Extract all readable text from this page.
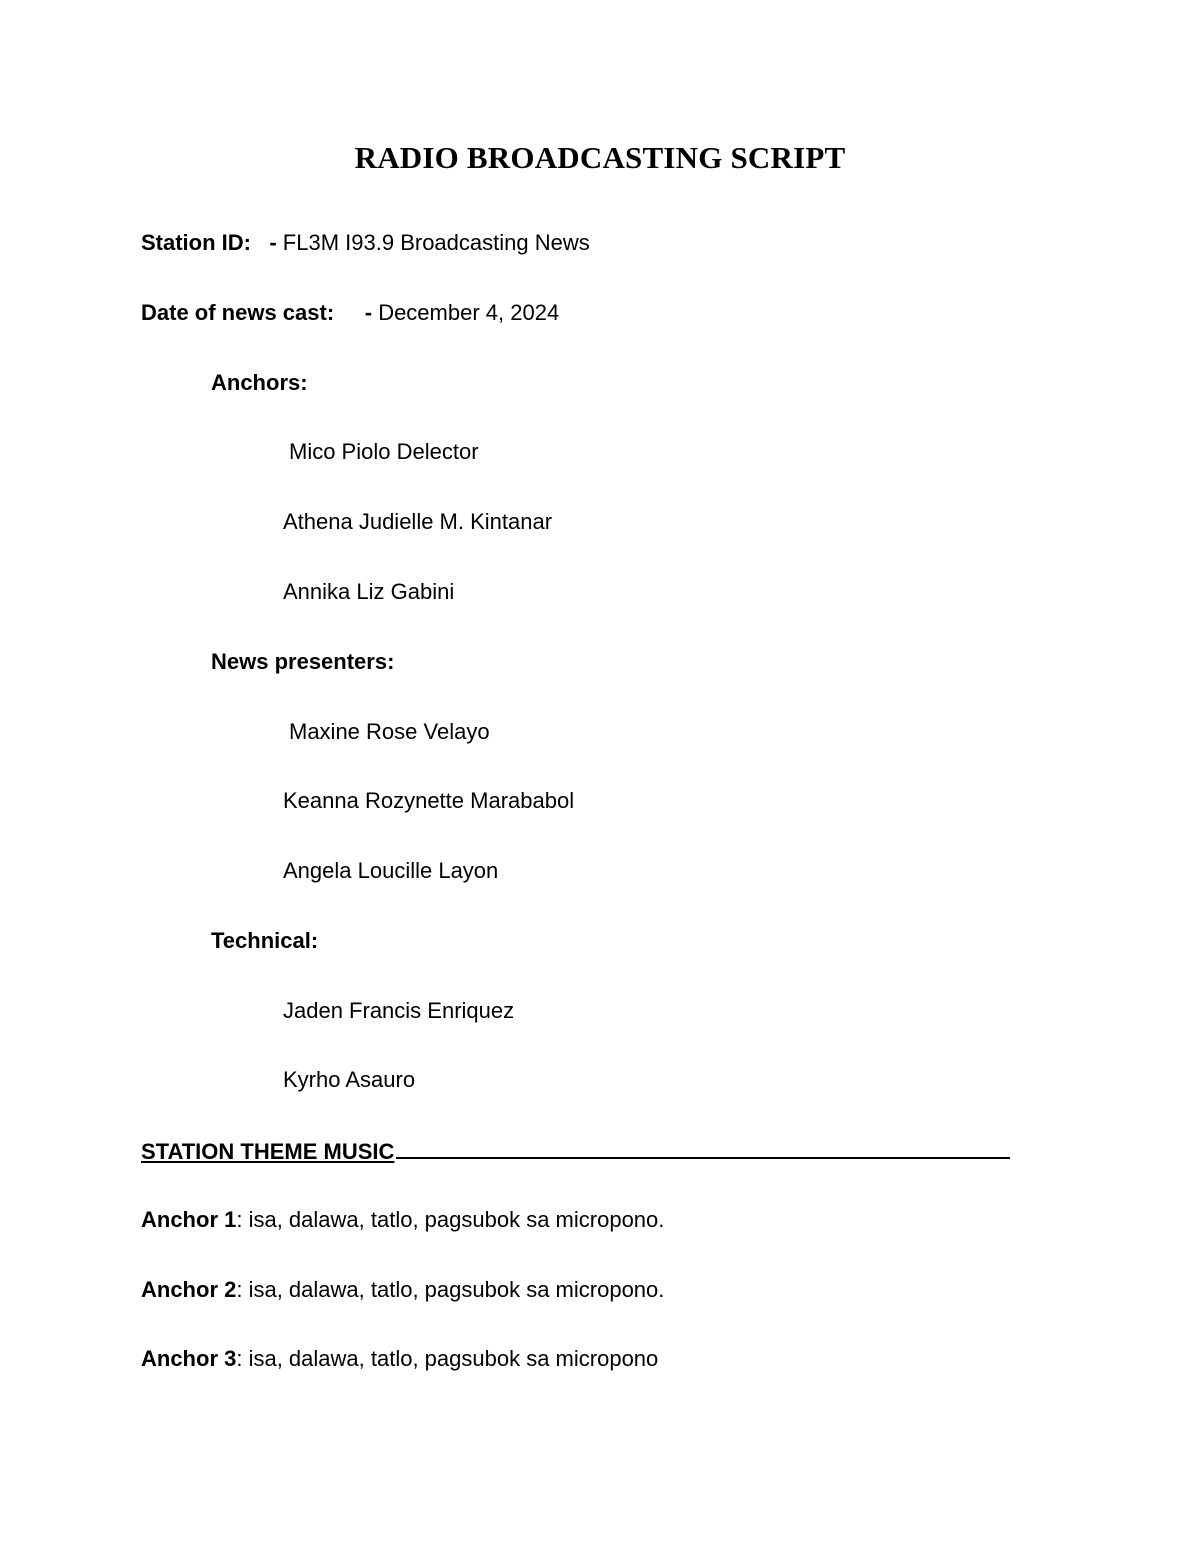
RADIO BROADCASTING SCRIPT
Station ID: - FL3M I93.9 Broadcasting News
Date of news cast: - December 4, 2024
Anchors:
Mico Piolo Delector
Athena Judielle M. Kintanar
Annika Liz Gabini
News presenters:
Maxine Rose Velayo
Keanna Rozynette Marababol
Angela Loucille Layon
Technical:
Jaden Francis Enriquez
Kyrho Asauro
STATION THEME MUSIC
Anchor 1: isa, dalawa, tatlo, pagsubok sa micropono.
Anchor 2: isa, dalawa, tatlo, pagsubok sa micropono.
Anchor 3: isa, dalawa, tatlo, pagsubok sa micropono
